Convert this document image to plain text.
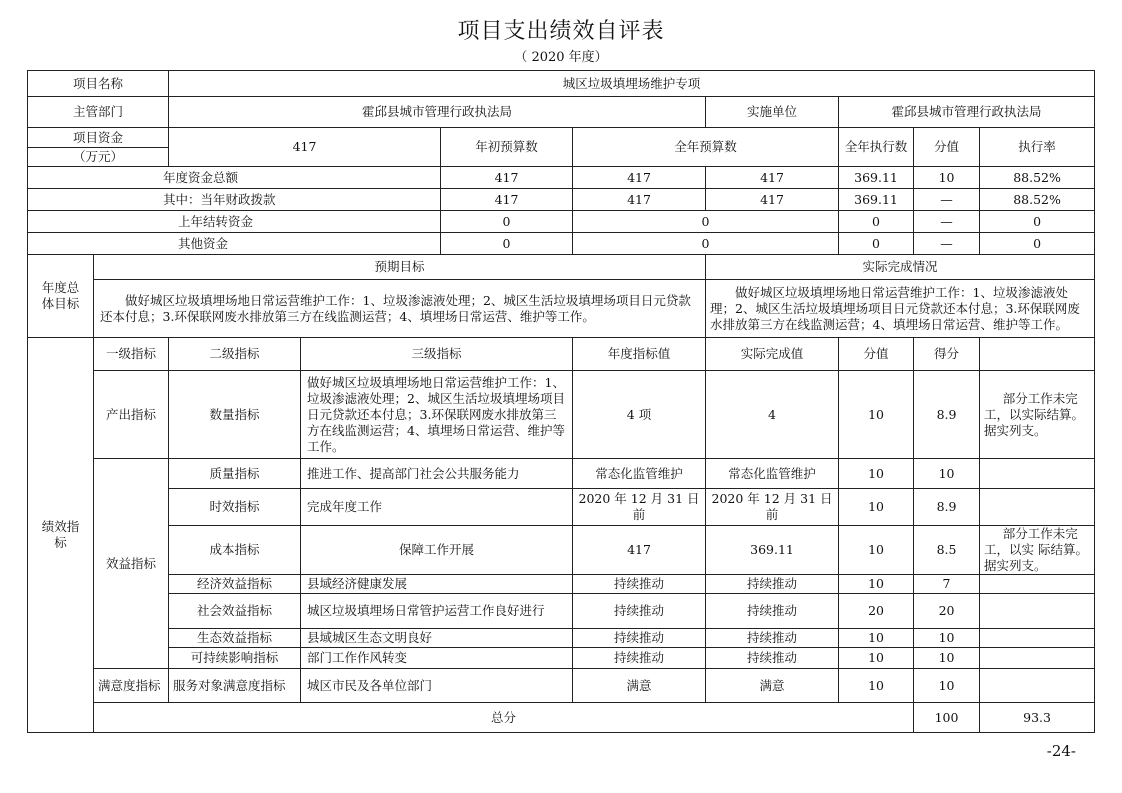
项目支出绩效自评表
（ 2020 年度）
项目名称		城区垃圾填埋场维护专项								
主管部门		霍邱县城市管理行政执法局				实施单位	霍邱县城市管理行政执法局			

项目资金
（万元）		417		年初预算数	全年预算数		全年执行数	分值	执行率	
年度资金总额				417	417	417	369.11	10	88.52%	
其中：当年财政拨款				417	417	417	369.11	—	88.52%	
上年结转资金				0	0		0	—	0	
其他资金				0	0		0	—	0	
年度总体目标	预期目标					实际完成情况				
	做好城区垃圾填埋场地日常运营维护工作：1、垃圾渗滤液处理；2、城区生活垃圾填埋场项目日元贷款还本付息；3.环保联网废水排放第三方在线监测运营；4、填埋场日常运营、维护等工作。					做好城区垃圾填埋场地日常运营维护工作：1、垃圾渗滤液处理；2、城区生活垃圾填埋场项目日元贷款还本付息；3.环保联网废水排放第三方在线监测运营；4、填埋场日常运营、维护等工作。				
绩效指标	一级指标	二级指标	三级指标		年度指标值	实际完成值	分值	得分		
	产出指标	数量指标	做好城区垃圾填埋场地日常运营维护工作：1、垃圾渗滤液处理；2、城区生活垃圾填埋场项目日元贷款还本付息；3.环保联网废水排放第三方在线监测运营；4、填埋场日常运营、维护等工作。		4 项	4	10	8.9	部分工作未完工，以实际结算。据实列支。	
	效益指标	质量指标	推进工作、提高部门社会公共服务能力		常态化监管维护	常态化监管维护	10	10		
		时效指标	完成年度工作		2020 年 12 月 31 日前	2020 年 12 月 31 日前	10	8.9		
		成本指标	保障工作开展		417	369.11	10	8.5	部分工作未完工，以实 际结算。据实列支。	
		经济效益指标	县域经济健康发展		持续推动	持续推动	10	7		
		社会效益指标	城区垃圾填埋场日常管护运营工作良好进行		持续推动	持续推动	20	20		
		生态效益指标	县域城区生态文明良好		持续推动	持续推动	10	10		
		可持续影响指标	部门工作作风转变		持续推动	持续推动	10	10		
	满意度指标	服务对象满意度指标	城区市民及各单位部门		满意	满意	10	10		
	总分							100	93.3	
-24-
